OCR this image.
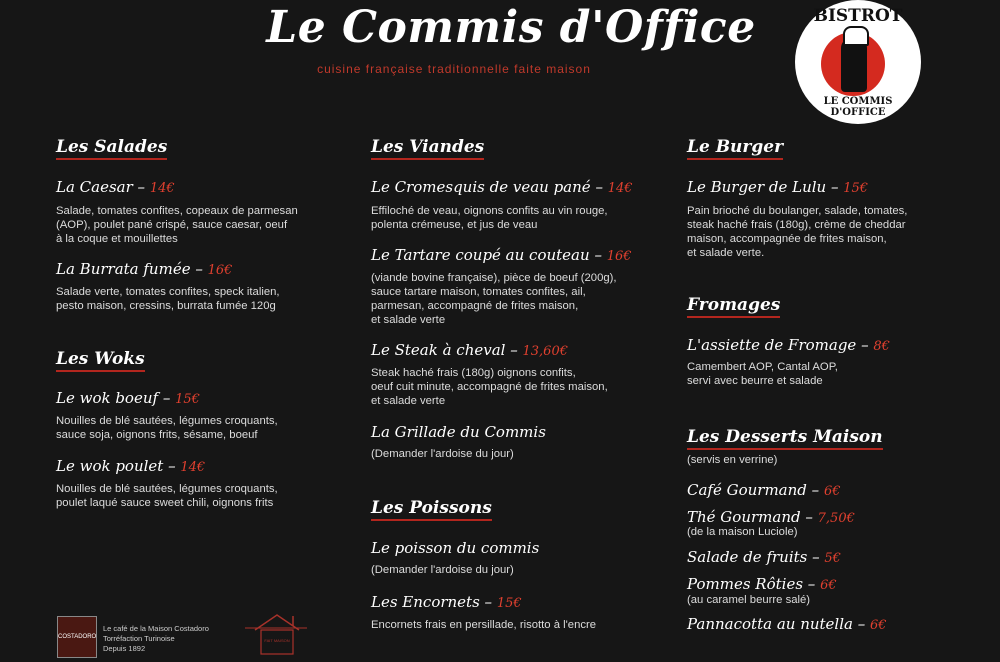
Le Commis d'Office
cuisine française traditionnelle faite maison
BISTROT
LE COMMIS D'OFFICE
Les Salades
La Caesar – 14€
Salade, tomates confites, copeaux de parmesan
(AOP), poulet pané crispé, sauce caesar, oeuf
à la coque et mouillettes
La Burrata fumée – 16€
Salade verte, tomates confites, speck italien,
pesto maison, cressins, burrata fumée 120g
Les Woks
Le wok boeuf – 15€
Nouilles de blé sautées, légumes croquants,
sauce soja, oignons frits, sésame, boeuf
Le wok poulet – 14€
Nouilles de blé sautées, légumes croquants,
poulet laqué sauce sweet chili, oignons frits
Les Viandes
Le Cromesquis de veau pané – 14€
Effiloché de veau, oignons confits au vin rouge,
polenta crémeuse, et jus de veau
Le Tartare coupé au couteau – 16€
(viande bovine française), pièce de boeuf (200g),
sauce tartare maison, tomates confites, ail,
parmesan, accompagné de frites maison,
et salade verte
Le Steak à cheval – 13,60€
Steak haché frais (180g) oignons confits,
oeuf cuit minute, accompagné de frites maison,
et salade verte
La Grillade du Commis
(Demander l'ardoise du jour)
Les Poissons
Le poisson du commis
(Demander l'ardoise du jour)
Les Encornets – 15€
Encornets frais en persillade, risotto à l'encre
Le Burger
Le Burger de Lulu – 15€
Pain brioché du boulanger, salade, tomates,
steak haché frais (180g), crème de cheddar
maison, accompagnée de frites maison,
et salade verte.
Fromages
L'assiette de Fromage – 8€
Camembert AOP, Cantal AOP,
servi avec beurre et salade
Les Desserts Maison
(servis en verrine)
Café Gourmand – 6€
Thé Gourmand – 7,50€
(de la maison Luciole)
Salade de fruits – 5€
Pommes Rôties – 6€
(au caramel beurre salé)
Pannacotta au nutella – 6€
COSTADORO
Le café de la Maison Costadoro
Torréfaction Turinoise
Depuis 1892
FAIT MAISON
